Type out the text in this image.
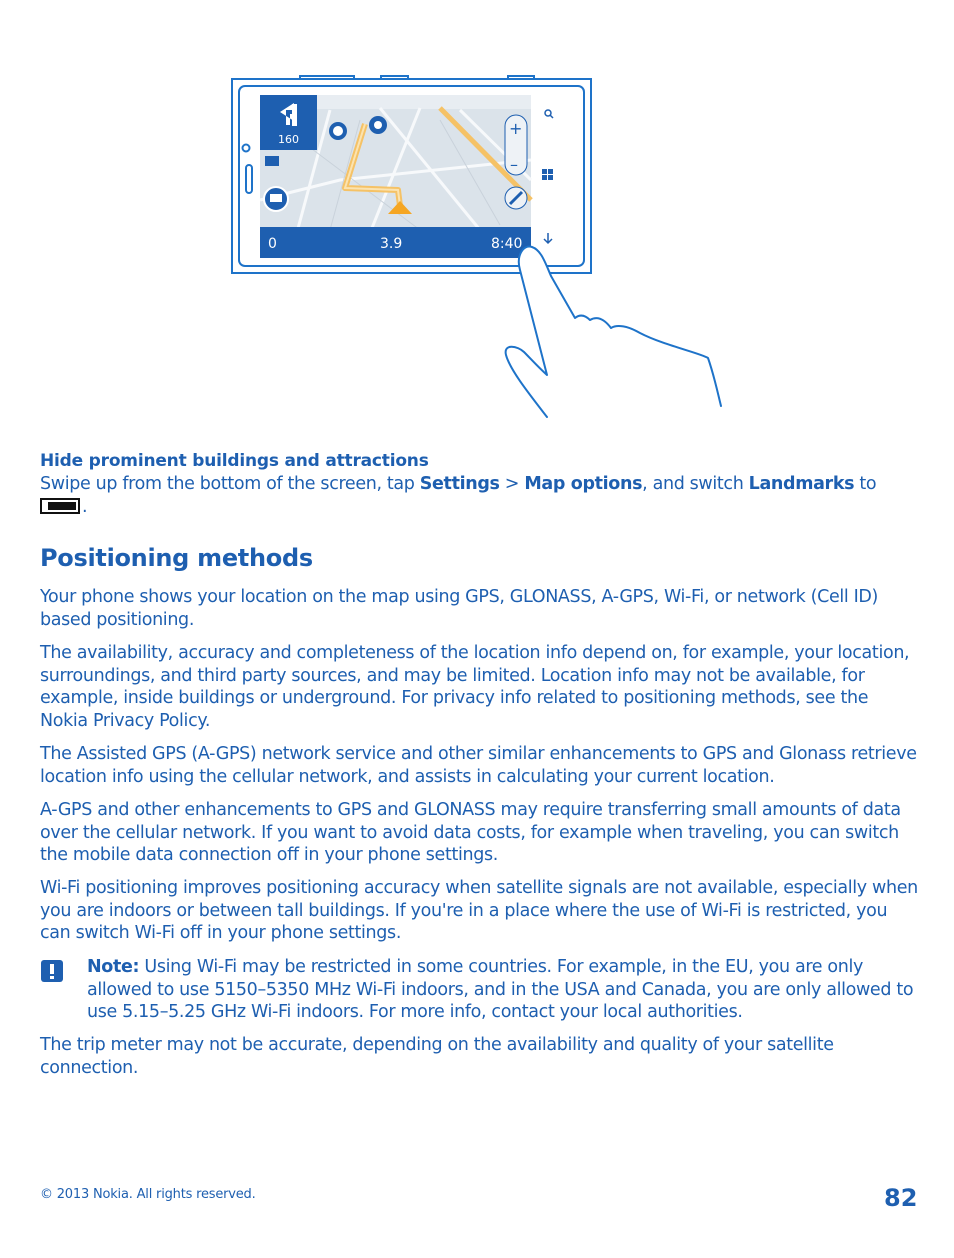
160
+
–
0	3.9	8:40

Hide prominent buildings and attractions

Swipe up from the bottom of the screen, tap Settings > Map options, and switch Landmarks to
.

Positioning methods

Your phone shows your location on the map using GPS, GLONASS, A-GPS, Wi-Fi, or network (Cell ID) based positioning.

The availability, accuracy and completeness of the location info depend on, for example, your location, surroundings, and third party sources, and may be limited. Location info may not be available, for example, inside buildings or underground. For privacy info related to positioning methods, see the Nokia Privacy Policy.

The Assisted GPS (A-GPS) network service and other similar enhancements to GPS and Glonass retrieve location info using the cellular network, and assists in calculating your current location.

A-GPS and other enhancements to GPS and GLONASS may require transferring small amounts of data over the cellular network. If you want to avoid data costs, for example when traveling, you can switch the mobile data connection off in your phone settings.

Wi-Fi positioning improves positioning accuracy when satellite signals are not available, especially when you are indoors or between tall buildings. If you're in a place where the use of Wi-Fi is restricted, you can switch Wi-Fi off in your phone settings.

Note: Using Wi-Fi may be restricted in some countries. For example, in the EU, you are only allowed to use 5150–5350 MHz Wi-Fi indoors, and in the USA and Canada, you are only allowed to use 5.15–5.25 GHz Wi-Fi indoors. For more info, contact your local authorities.

The trip meter may not be accurate, depending on the availability and quality of your satellite connection.

© 2013 Nokia. All rights reserved.	82
